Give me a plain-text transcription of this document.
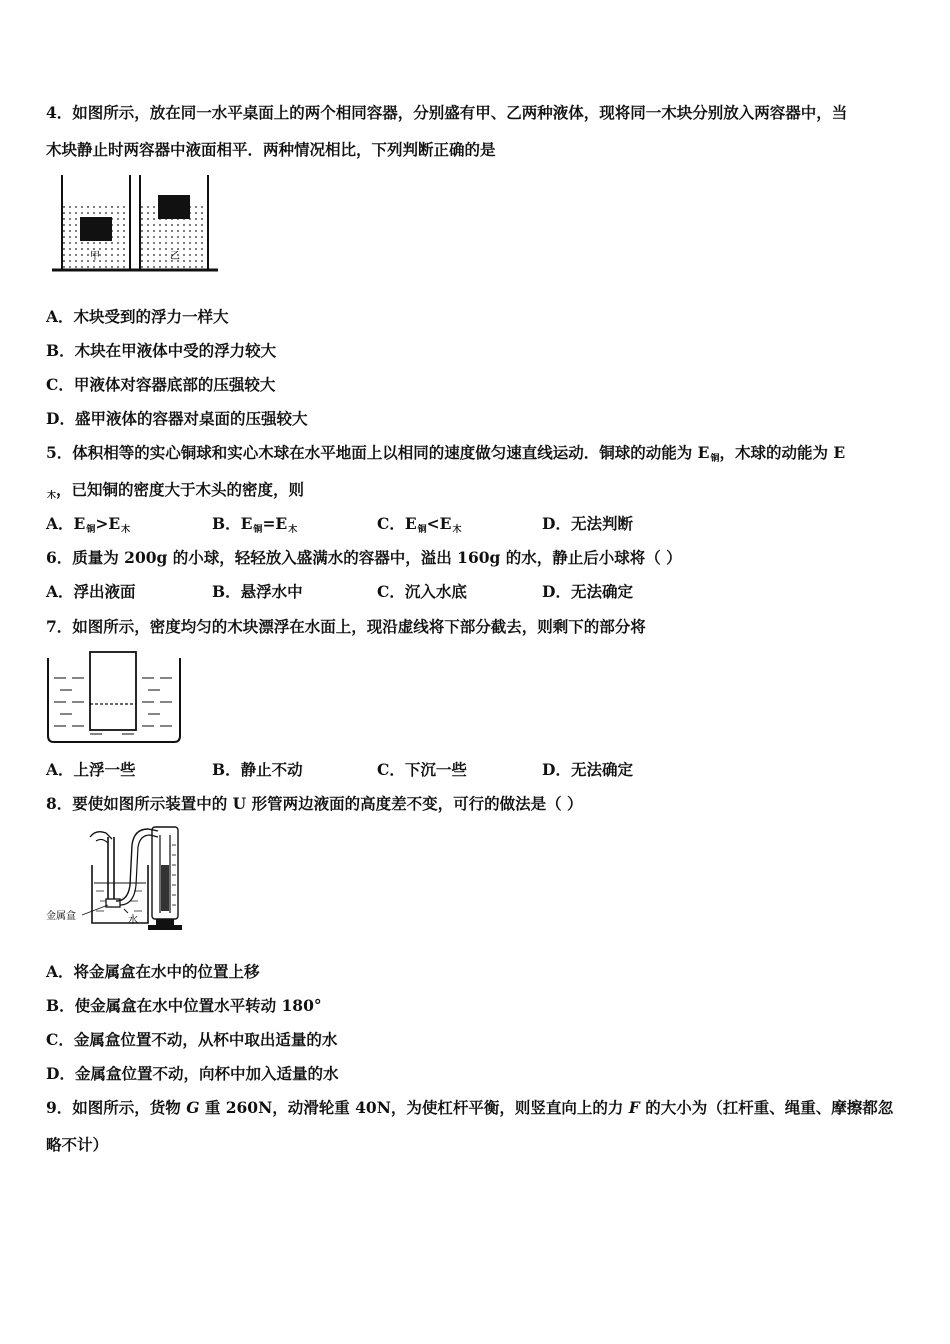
4．如图所示，放在同一水平桌面上的两个相同容器，分别盛有甲、乙两种液体，现将同一木块分别放入两容器中，当
木块静止时两容器中液面相平．两种情况相比，下列判断正确的是
甲	乙
A．木块受到的浮力一样大
B．木块在甲液体中受的浮力较大
C．甲液体对容器底部的压强较大
D．盛甲液体的容器对桌面的压强较大
5．体积相等的实心铜球和实心木球在水平地面上以相同的速度做匀速直线运动．铜球的动能为 E铜，木球的动能为 E
木，已知铜的密度大于木头的密度，则
A．E铜>E木	B．E铜=E木	C．E铜<E木	D．无法判断
6．质量为 200g 的小球，轻轻放入盛满水的容器中，溢出 160g 的水，静止后小球将（ ）
A．浮出液面	B．悬浮水中	C．沉入水底	D．无法确定
7．如图所示，密度均匀的木块漂浮在水面上，现沿虚线将下部分截去，则剩下的部分将
A．上浮一些	B．静止不动	C．下沉一些	D．无法确定
8．要使如图所示装置中的 U 形管两边液面的高度差不变，可行的做法是（ ）
金属盒	水
A．将金属盒在水中的位置上移
B．使金属盒在水中位置水平转动 180°
C．金属盒位置不动，从杯中取出适量的水
D．金属盒位置不动，向杯中加入适量的水
9．如图所示，货物 G 重 260N，动滑轮重 40N，为使杠杆平衡，则竖直向上的力 F 的大小为（扛杆重、绳重、摩擦都忽
略不计）
